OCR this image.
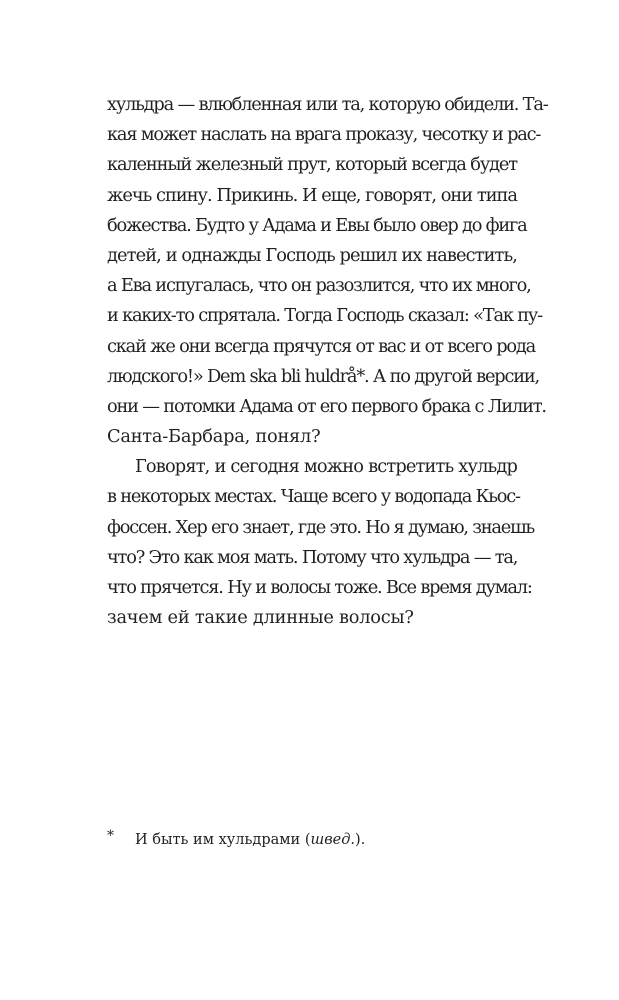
хульдра — влюбленная или та, которую обидели. Та-
кая может наслать на врага проказу, чесотку и рас-
каленный железный прут, который всегда будет
жечь спину. Прикинь. И еще, говорят, они типа
божества. Будто у Адама и Евы было овер до фига
детей, и однажды Господь решил их навестить,
а Ева испугалась, что он разозлится, что их много,
и каких-то спрятала. Тогда Господь сказал: «Так пу-
скай же они всегда прячутся от вас и от всего рода
людского!» Dem ska bli huldrå*. А по другой версии,
они — потомки Адама от его первого брака с Лилит.
Санта-Барбара, понял?
Говорят, и сегодня можно встретить хульдр
в некоторых местах. Чаще всего у водопада Кьос-
фоссен. Хер его знает, где это. Но я думаю, знаешь
что? Это как моя мать. Потому что хульдра — та,
что прячется. Ну и волосы тоже. Все время думал:
зачем ей такие длинные волосы?
* И быть им хульдрами (швед.).
